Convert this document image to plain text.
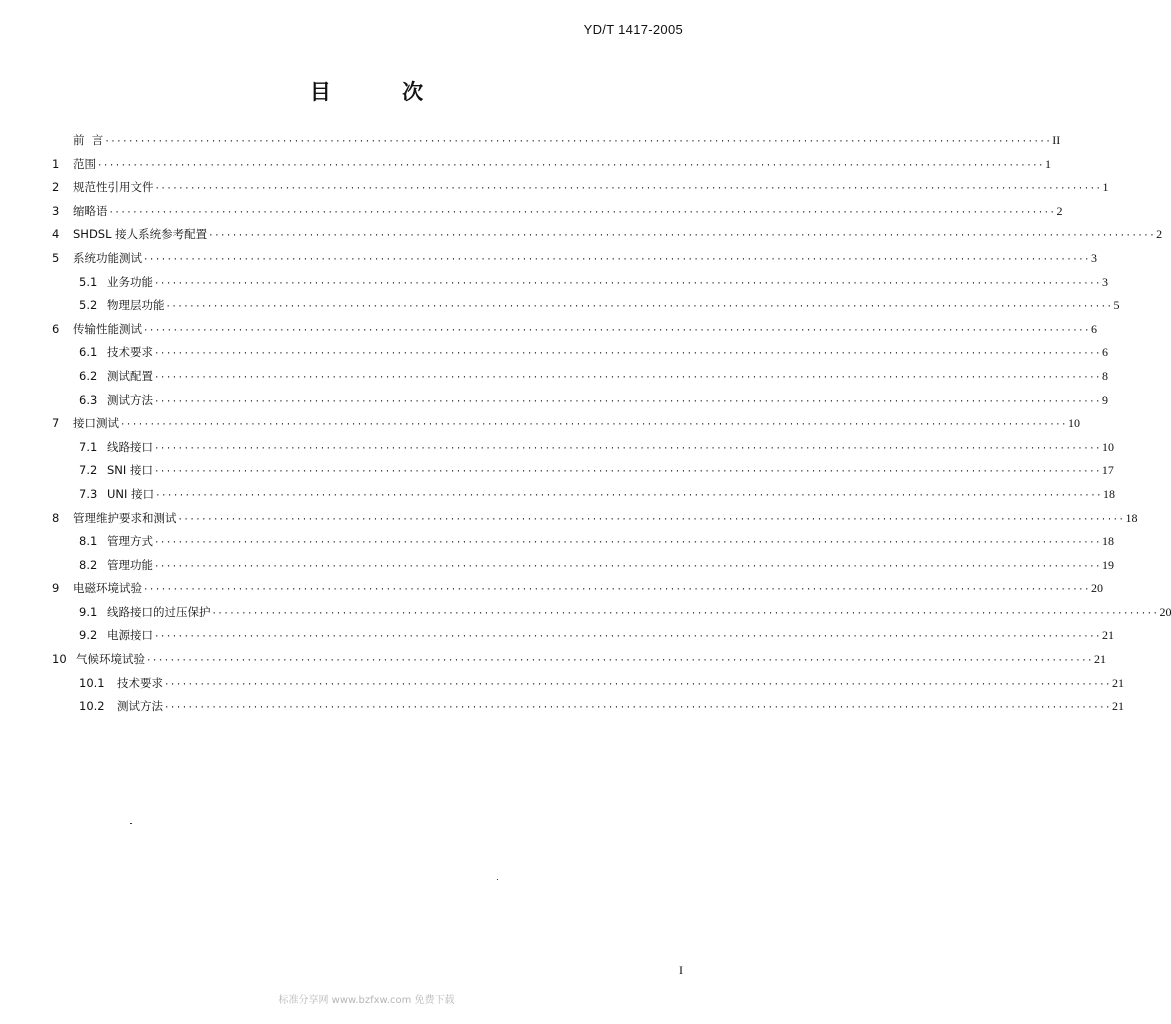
YD/T 1417-2005
目 次
前  言 ································································································································································ II
1	范围 ································································································································································ 1
2	规范性引用文件 ································································································································································ 1
3	缩略语 ································································································································································ 2
4	SHDSL 接人系统参考配置 ································································································································································ 2
5	系统功能测试 ································································································································································ 3
5.1 业务功能 ································································································································································ 3
5.2 物理层功能 ································································································································································ 5
6	传输性能测试 ································································································································································ 6
6.1 技术要求 ································································································································································ 6
6.2 测试配置 ································································································································································ 8
6.3 测试方法 ································································································································································ 9
7	接口测试 ································································································································································ 10
7.1 线路接口 ································································································································································ 10
7.2 SNI 接口 ································································································································································ 17
7.3 UNI 接口 ································································································································································ 18
8	管理维护要求和测试 ································································································································································ 18
8.1 管理方式 ································································································································································ 18
8.2 管理功能 ································································································································································ 19
9	电磁环境试验 ································································································································································ 20
9.1 线路接口的过压保护 ································································································································································ 20
9.2 电源接口 ································································································································································ 21
10 气候环境试验 ································································································································································ 21
10.1	技术要求 ································································································································································ 21
10.2	测试方法 ································································································································································ 21
I
标准分享网 www.bzfxw.com 免费下载
